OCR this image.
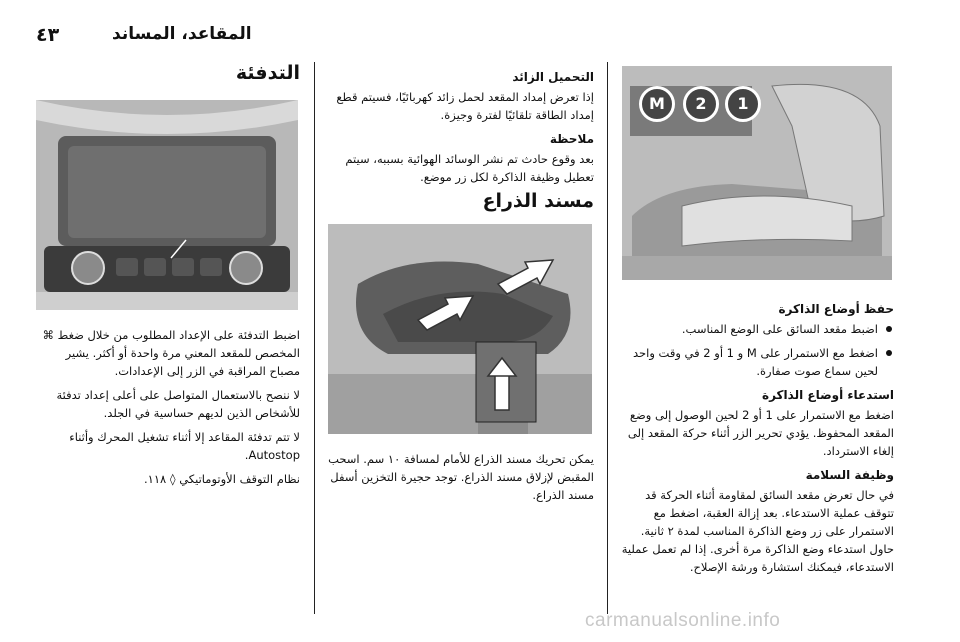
٤٣	المقاعد، المساند
M	2	1
حفظ أوضاع الذاكرة
اضبط مقعد السائق على الوضع المناسب.
اضغط مع الاستمرار على M و 1 أو 2 في وقت واحد لحين سماع صوت صفارة.
استدعاء أوضاع الذاكرة

اضغط مع الاستمرار على 1 أو 2 لحين الوصول إلى وضع المقعد المحفوظ. يؤدي تحرير الزر أثناء حركة المقعد إلى إلغاء الاسترداد.

وظيفة السلامة

في حال تعرض مقعد السائق لمقاومة أثناء الحركة قد تتوقف عملية الاستدعاء. بعد إزالة العقبة، اضغط مع الاستمرار على زر وضع الذاكرة المناسب لمدة ٢ ثانية. حاول استدعاء وضع الذاكرة مرة أخرى. إذا لم تعمل عملية الاستدعاء، فيمكنك استشارة ورشة الإصلاح.

التحميل الزائد

إذا تعرض إمداد المقعد لحمل زائد كهربائيًا، فسيتم قطع إمداد الطاقة تلقائيًا لفترة وجيزة.

ملاحظة

بعد وقوع حادث تم نشر الوسائد الهوائية بسببه، سيتم تعطيل وظيفة الذاكرة لكل زر موضع.

مسند الذراع

يمكن تحريك مسند الذراع للأمام لمسافة ١٠ سم. اسحب المقبض لإزلاق مسند الذراع. توجد حجيرة التخزين أسفل مسند الذراع.

التدفئة

اضبط التدفئة على الإعداد المطلوب من خلال ضغط ⌘ المخصص للمقعد المعني مرة واحدة أو أكثر. يشير مصباح المراقبة في الزر إلى الإعدادات.

لا ننصح بالاستعمال المتواصل على أعلى إعداد تدفئة للأشخاص الذين لديهم حساسية في الجلد.

لا تتم تدفئة المقاعد إلا أثناء تشغيل المحرك وأثناء Autostop.

نظام التوقف الأوتوماتيكي ◊ ١١٨.

carmanualsonline.info
